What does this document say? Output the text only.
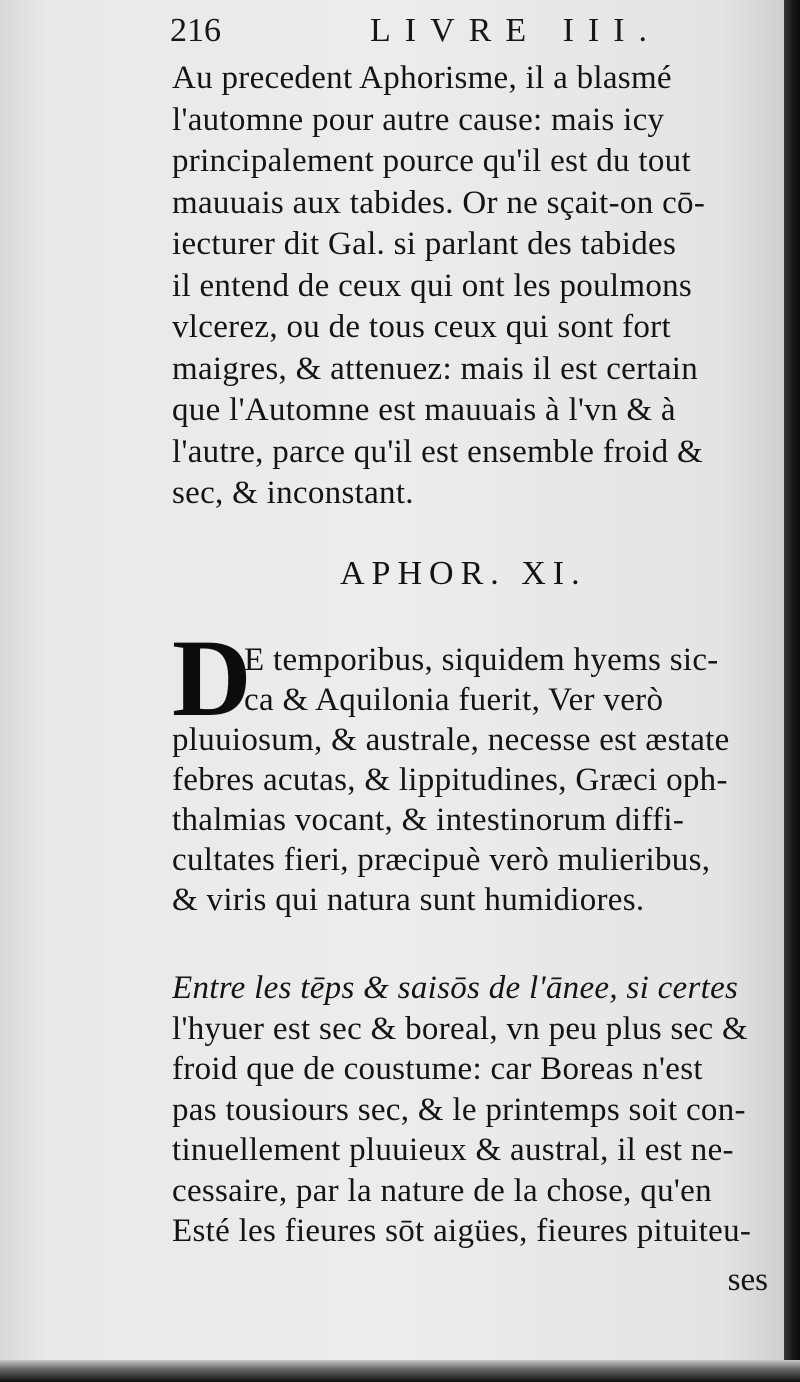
216	LIVRE III.
Au precedent Aphorisme, il a blasmé
l'automne pour autre cause: mais icy
principalement pource qu'il est du tout
mauuais aux tabides. Or ne sçait-on cō-
iecturer dit Gal. si parlant des tabides
il entend de ceux qui ont les poulmons
vlcerez, ou de tous ceux qui sont fort
maigres, & attenuez: mais il est certain
que l'Automne est mauuais à l'vn & à
l'autre, parce qu'il est ensemble froid &
sec, & inconstant.
APHOR. XI.
D
E temporibus, siquidem hyems sic-
ca & Aquilonia fuerit, Ver verò
pluuiosum, & australe, necesse est æstate
febres acutas, & lippitudines, Græci oph-
thalmias vocant, & intestinorum diffi-
cultates fieri, præcipuè verò mulieribus,
& viris qui natura sunt humidiores.
Entre les tēps & saisōs de l'ānee, si certes
l'hyuer est sec & boreal, vn peu plus sec &
froid que de coustume: car Boreas n'est
pas tousiours sec, & le printemps soit con-
tinuellement pluuieux & austral, il est ne-
cessaire, par la nature de la chose, qu'en
Esté les fieures sōt aigües, fieures pituiteu-
ses
